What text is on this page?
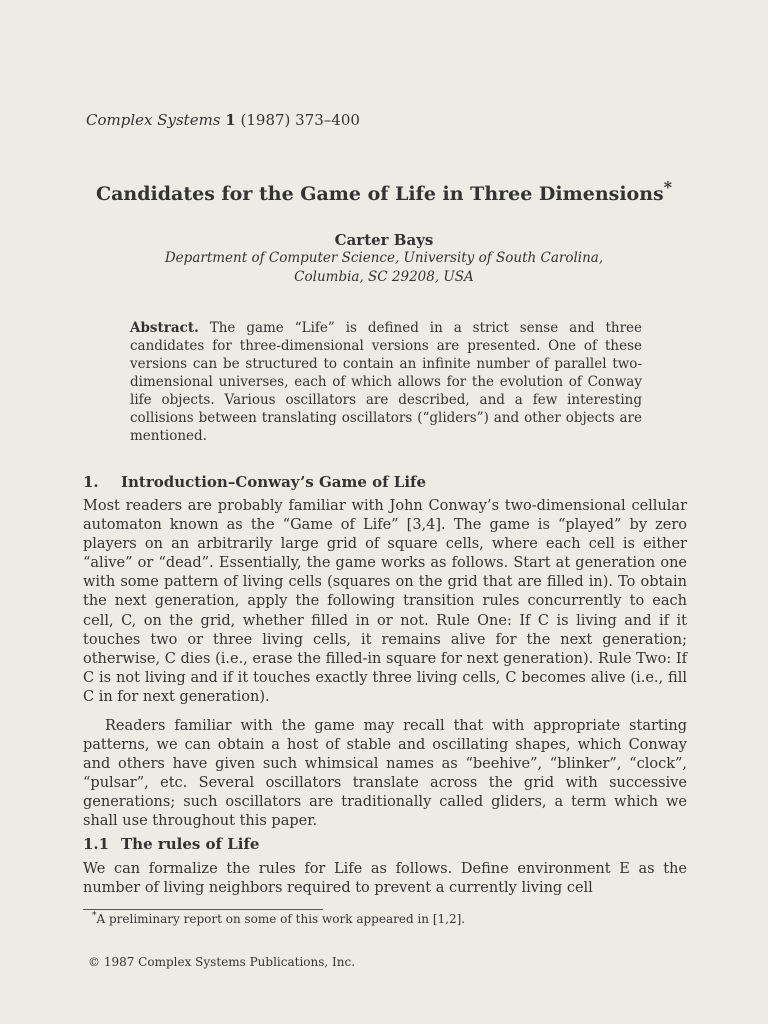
Complex Systems 1 (1987) 373–400
Candidates for the Game of Life in Three Dimensions*
Carter Bays
Department of Computer Science, University of South Carolina,
Columbia, SC 29208, USA
Abstract. The game “Life” is defined in a strict sense and three candidates for three-dimensional versions are presented. One of these versions can be structured to contain an infinite number of parallel two-dimensional universes, each of which allows for the evolution of Conway life objects. Various oscillators are described, and a few interesting collisions between translating oscillators (“gliders”) and other objects are mentioned.
1. Introduction–Conway’s Game of Life
Most readers are probably familiar with John Conway’s two-dimensional cellular automaton known as the “Game of Life” [3,4]. The game is “played” by zero players on an arbitrarily large grid of square cells, where each cell is either “alive” or “dead”. Essentially, the game works as follows. Start at generation one with some pattern of living cells (squares on the grid that are filled in). To obtain the next generation, apply the following transition rules concurrently to each cell, C, on the grid, whether filled in or not. Rule One: If C is living and if it touches two or three living cells, it remains alive for the next generation; otherwise, C dies (i.e., erase the filled-in square for next generation). Rule Two: If C is not living and if it touches exactly three living cells, C becomes alive (i.e., fill C in for next generation).
Readers familiar with the game may recall that with appropriate starting patterns, we can obtain a host of stable and oscillating shapes, which Conway and others have given such whimsical names as “beehive”, “blinker”, “clock”, “pulsar”, etc. Several oscillators translate across the grid with successive generations; such oscillators are traditionally called gliders, a term which we shall use throughout this paper.
1.1 The rules of Life
We can formalize the rules for Life as follows. Define environment E as the number of living neighbors required to prevent a currently living cell
*A preliminary report on some of this work appeared in [1,2].
© 1987 Complex Systems Publications, Inc.
